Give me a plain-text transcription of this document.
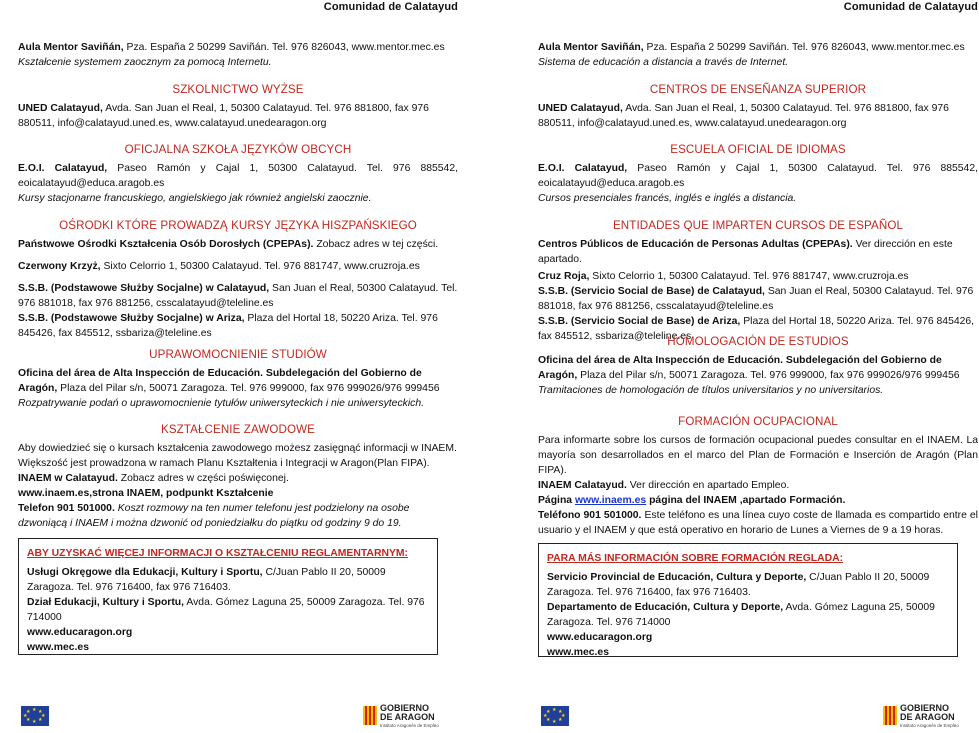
Comunidad de Calatayud

Aula Mentor Saviñán, Pza. España 2 50299 Saviñán. Tel. 976 826043, www.mentor.mec.es

Kształcenie systemem zaocznym za pomocą Internetu.

SZKOLNICTWO WYŻSE

UNED Calatayud, Avda. San Juan el Real, 1, 50300 Calatayud. Tel. 976 881800, fax 976 880511, info@calatayud.uned.es, www.calatayud.unedearagon.org

OFICJALNA SZKOŁA JĘZYKÓW OBCYCH

E.O.I. Calatayud, Paseo Ramón y Cajal 1, 50300 Calatayud. Tel. 976 885542, eoicalatayud@educa.aragob.es

Kursy stacjonarne francuskiego, angielskiego jak również angielski zaocznie.

OŚRODKI KTÓRE PROWADZĄ KURSY JĘZYKA HISZPAŃSKIEGO

Państwowe Ośrodki Kształcenia Osób Dorosłych (CPEPAs). Zobacz adres w tej części.

Czerwony Krzyż, Sixto Celorrio 1, 50300 Calatayud. Tel. 976 881747, www.cruzroja.es

S.S.B. (Podstawowe Służby Socjalne) w Calatayud, San Juan el Real, 50300 Calatayud. Tel. 976 881018, fax 976 881256, csscalatayud@teleline.es

S.S.B. (Podstawowe Służby Socjalne) w Ariza, Plaza del Hortal 18, 50220 Ariza. Tel. 976 845426, fax 845512, ssbariza@teleline.es

UPRAWOMOCNIENIE STUDIÓW

Oficina del área de Alta Inspección de Educación. Subdelegación del Gobierno de Aragón, Plaza del Pilar s/n, 50071 Zaragoza. Tel. 976 999000, fax 976 999026/976 999456

Rozpatrywanie podań o uprawomocnienie tytułów uniwersyteckich i nie uniwersyteckich.

KSZTAŁCENIE ZAWODOWE

Aby dowiedzieć się o kursach kształcenia zawodowego możesz zasięgnąć informacji w INAEM.

Większość jest prowadzona w ramach Planu Kształtenia i Integracji w Aragon(Plan FIPA).

INAEM w Calatayud. Zobacz adres w części poświęconej.

www.inaem.es,strona INAEM, podpunkt Kształcenie

Telefon 901 501000. Koszt rozmowy na ten numer telefonu jest podzielony na osobe dzwoniącą i INAEM i można dzwonić od poniedziałku do piątku od godziny 9 do 19.

ABY UZYSKAĆ WIĘCEJ INFORMACJI O KSZTAŁCENIU REGLAMENTARNYM:

Usługi Okręgowe dla Edukacji, Kultury i Sportu, C/Juan Pablo II 20, 50009 Zaragoza. Tel. 976 716400, fax 976 716403.

Dział Edukacji, Kultury i Sportu, Avda. Gómez Laguna 25, 50009 Zaragoza. Tel. 976 714000

www.educaragon.org

www.mec.es

★ ★
★
★
★
★
★
★	GOBIERNO
DE ARAGON
Instituto Aragonés de Empleo
Comunidad de Calatayud

Aula Mentor Saviñán, Pza. España 2 50299 Saviñán. Tel. 976 826043, www.mentor.mec.es

Sistema de educación a distancia a través de Internet.

CENTROS DE ENSEÑANZA SUPERIOR

UNED Calatayud, Avda. San Juan el Real, 1, 50300 Calatayud. Tel. 976 881800, fax 976 880511, info@calatayud.uned.es, www.calatayud.unedearagon.org

ESCUELA OFICIAL DE IDIOMAS

E.O.I. Calatayud, Paseo Ramón y Cajal 1, 50300 Calatayud. Tel. 976 885542, eoicalatayud@educa.aragob.es

Cursos presenciales francés, inglés e inglés a distancia.

ENTIDADES QUE IMPARTEN CURSOS DE ESPAÑOL

Centros Públicos de Educación de Personas Adultas (CPEPAs). Ver dirección en este apartado.

Cruz Roja, Sixto Celorrio 1, 50300 Calatayud. Tel. 976 881747, www.cruzroja.es

S.S.B. (Servicio Social de Base) de Calatayud, San Juan el Real, 50300 Calatayud. Tel. 976 881018, fax 976 881256, csscalatayud@teleline.es

S.S.B. (Servicio Social de Base) de Ariza, Plaza del Hortal 18, 50220 Ariza. Tel. 976 845426, fax 845512, ssbariza@teleline.es

HOMOLOGACIÓN DE ESTUDIOS

Oficina del área de Alta Inspección de Educación. Subdelegación del Gobierno de Aragón, Plaza del Pilar s/n, 50071 Zaragoza. Tel. 976 999000, fax 976 999026/976 999456

Tramitaciones de homologación de títulos universitarios y no universitarios.

FORMACIÓN OCUPACIONAL

Para informarte sobre los cursos de formación ocupacional puedes consultar en el INAEM. La mayoría son desarrollados en el marco del Plan de Formación e Inserción de Aragón (Plan FIPA).

INAEM Calatayud. Ver dirección en apartado Empleo.

Página www.inaem.es página del INAEM ,apartado Formación.

Teléfono 901 501000. Este teléfono es una línea cuyo coste de llamada es compartido entre el usuario y el INAEM y que está operativo en horario de Lunes a Viernes de 9 a 19 horas.

PARA MÁS INFORMACIÓN SOBRE FORMACIÓN REGLADA:

Servicio Provincial de Educación, Cultura y Deporte, C/Juan Pablo II 20, 50009 Zaragoza. Tel. 976 716400, fax 976 716403.

Departamento de Educación, Cultura y Deporte, Avda. Gómez Laguna 25, 50009 Zaragoza. Tel. 976 714000

www.educaragon.org

www.mec.es

★ ★
★
★
★
★
★
★	GOBIERNO
DE ARAGON
Instituto Aragonés de Empleo
